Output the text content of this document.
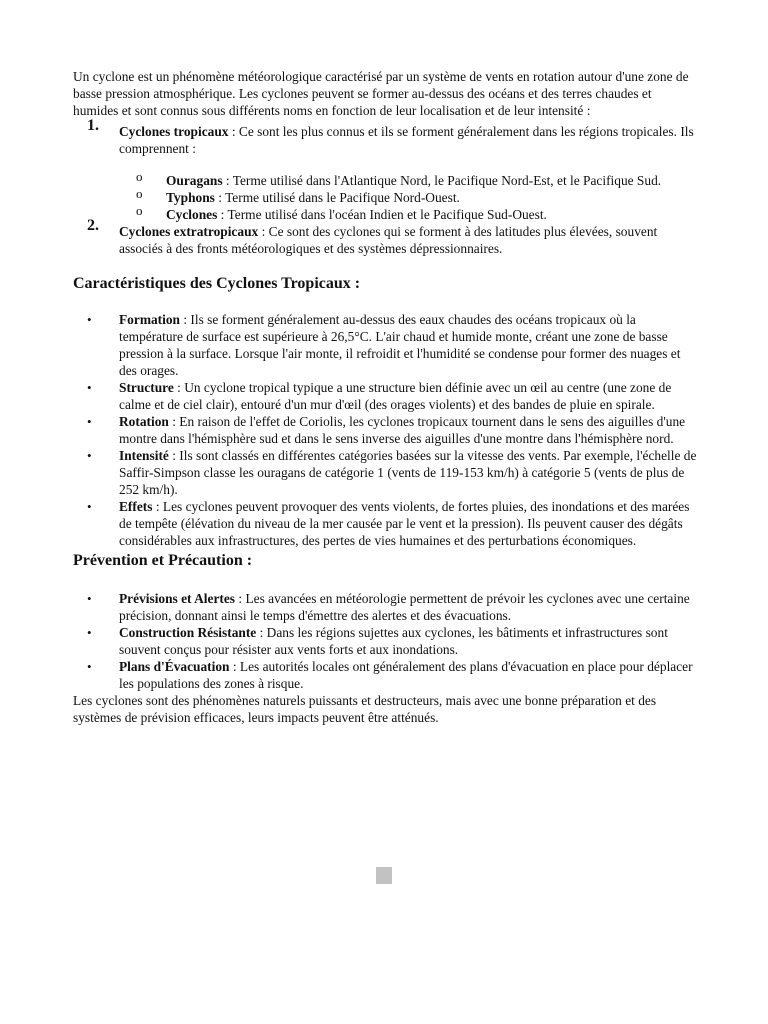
Un cyclone est un phénomène météorologique caractérisé par un système de vents en rotation autour d'une zone de basse pression atmosphérique. Les cyclones peuvent se former au-dessus des océans et des terres chaudes et humides et sont connus sous différents noms en fonction de leur localisation et de leur intensité :

1. Cyclones tropicaux : Ce sont les plus connus et ils se forment généralement dans les régions tropicales. Ils comprennent :

o Ouragans : Terme utilisé dans l'Atlantique Nord, le Pacifique Nord-Est, et le Pacifique Sud.
o Typhons : Terme utilisé dans le Pacifique Nord-Ouest.
o Cyclones : Terme utilisé dans l'océan Indien et le Pacifique Sud-Ouest.
2. Cyclones extratropicaux : Ce sont des cyclones qui se forment à des latitudes plus élevées, souvent associés à des fronts météorologiques et des systèmes dépressionnaires.

Caractéristiques des Cyclones Tropicaux :
• Formation : Ils se forment généralement au-dessus des eaux chaudes des océans tropicaux où la température de surface est supérieure à 26,5°C. L'air chaud et humide monte, créant une zone de basse pression à la surface. Lorsque l'air monte, il refroidit et l'humidité se condense pour former des nuages et des orages.
• Structure : Un cyclone tropical typique a une structure bien définie avec un œil au centre (une zone de calme et de ciel clair), entouré d'un mur d'œil (des orages violents) et des bandes de pluie en spirale.
• Rotation : En raison de l'effet de Coriolis, les cyclones tropicaux tournent dans le sens des aiguilles d'une montre dans l'hémisphère sud et dans le sens inverse des aiguilles d'une montre dans l'hémisphère nord.
• Intensité : Ils sont classés en différentes catégories basées sur la vitesse des vents. Par exemple, l'échelle de Saffir-Simpson classe les ouragans de catégorie 1 (vents de 119-153 km/h) à catégorie 5 (vents de plus de 252 km/h).
• Effets : Les cyclones peuvent provoquer des vents violents, de fortes pluies, des inondations et des marées de tempête (élévation du niveau de la mer causée par le vent et la pression). Ils peuvent causer des dégâts considérables aux infrastructures, des pertes de vies humaines et des perturbations économiques.
Prévention et Précaution :
• Prévisions et Alertes : Les avancées en météorologie permettent de prévoir les cyclones avec une certaine précision, donnant ainsi le temps d'émettre des alertes et des évacuations.
• Construction Résistante : Dans les régions sujettes aux cyclones, les bâtiments et infrastructures sont souvent conçus pour résister aux vents forts et aux inondations.
• Plans d'Évacuation : Les autorités locales ont généralement des plans d'évacuation en place pour déplacer les populations des zones à risque.

Les cyclones sont des phénomènes naturels puissants et destructeurs, mais avec une bonne préparation et des systèmes de prévision efficaces, leurs impacts peuvent être atténués.
